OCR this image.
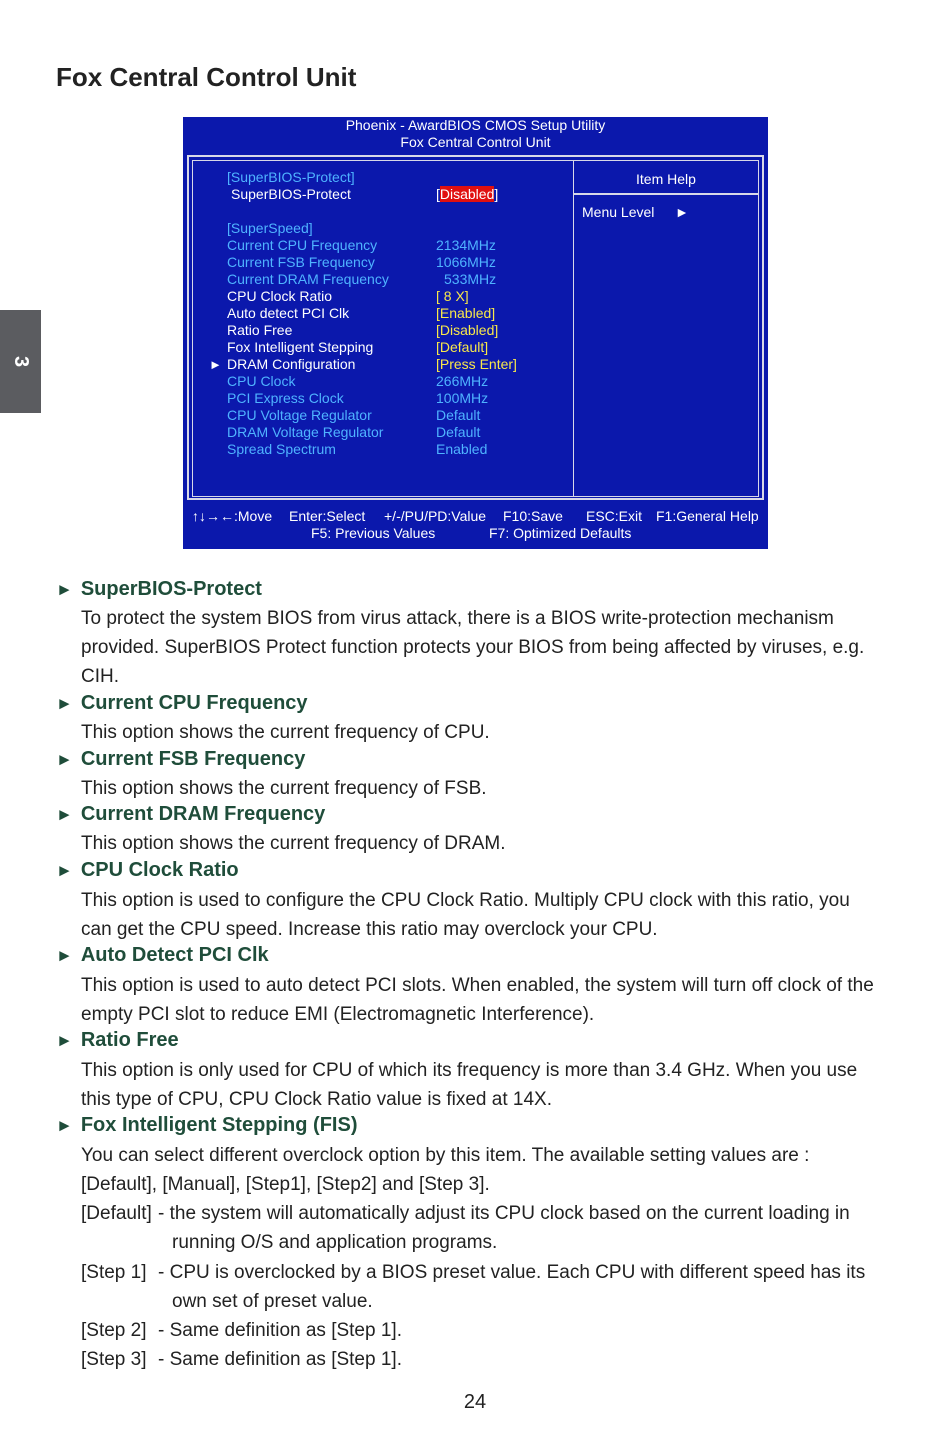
Fox Central Control Unit
3
Phoenix - AwardBIOS CMOS Setup Utility
Fox Central Control Unit
Item Help
Menu Level ►
[SuperBIOS-Protect]
SuperBIOS-Protect	[Disabled]
[SuperSpeed]
Current CPU Frequency	2134MHz
Current FSB Frequency	1066MHz
Current DRAM Frequency	533MHz
CPU Clock Ratio	[ 8 X]
Auto detect PCI Clk	[Enabled]
Ratio Free	[Disabled]
Fox Intelligent Stepping	[Default]
► DRAM Configuration	[Press Enter]
CPU Clock	266MHz
PCI Express Clock	100MHz
CPU Voltage Regulator	Default
DRAM Voltage Regulator	Default
Spread Spectrum	Enabled
↑↓→←:Move Enter:Select +/-/PU/PD:Value F10:Save ESC:Exit F1:General Help
F5: Previous Values	F7: Optimized Defaults
► SuperBIOS-Protect
To protect the system BIOS from virus attack, there is a BIOS write-protection mechanism
provided. SuperBIOS Protect function protects your BIOS from being affected by viruses, e.g.
CIH.
► Current CPU Frequency
This option shows the current frequency of CPU.
► Current FSB Frequency
This option shows the current frequency of FSB.
► Current DRAM Frequency
This option shows the current frequency of DRAM.
► CPU Clock Ratio
This option is used to configure the CPU Clock Ratio. Multiply CPU clock with this ratio, you
can get the CPU speed. Increase this ratio may overclock your CPU.
► Auto Detect PCI Clk
This option is used to auto detect PCI slots. When enabled, the system will turn off clock of the
empty PCI slot to reduce EMI (Electromagnetic Interference).
► Ratio Free
This option is only used for CPU of which its frequency is more than 3.4 GHz. When you use
this type of CPU, CPU Clock Ratio value is fixed at 14X.
► Fox Intelligent Stepping (FIS)
You can select different overclock option by this item. The available setting values are :
[Default], [Manual], [Step1], [Step2] and [Step 3].
[Default] - the system will automatically adjust its CPU clock based on the current loading in
running O/S and application programs.
[Step 1] - CPU is overclocked by a BIOS preset value. Each CPU with different speed has its
own set of preset value.
[Step 2] - Same definition as [Step 1].
[Step 3] - Same definition as [Step 1].
24
